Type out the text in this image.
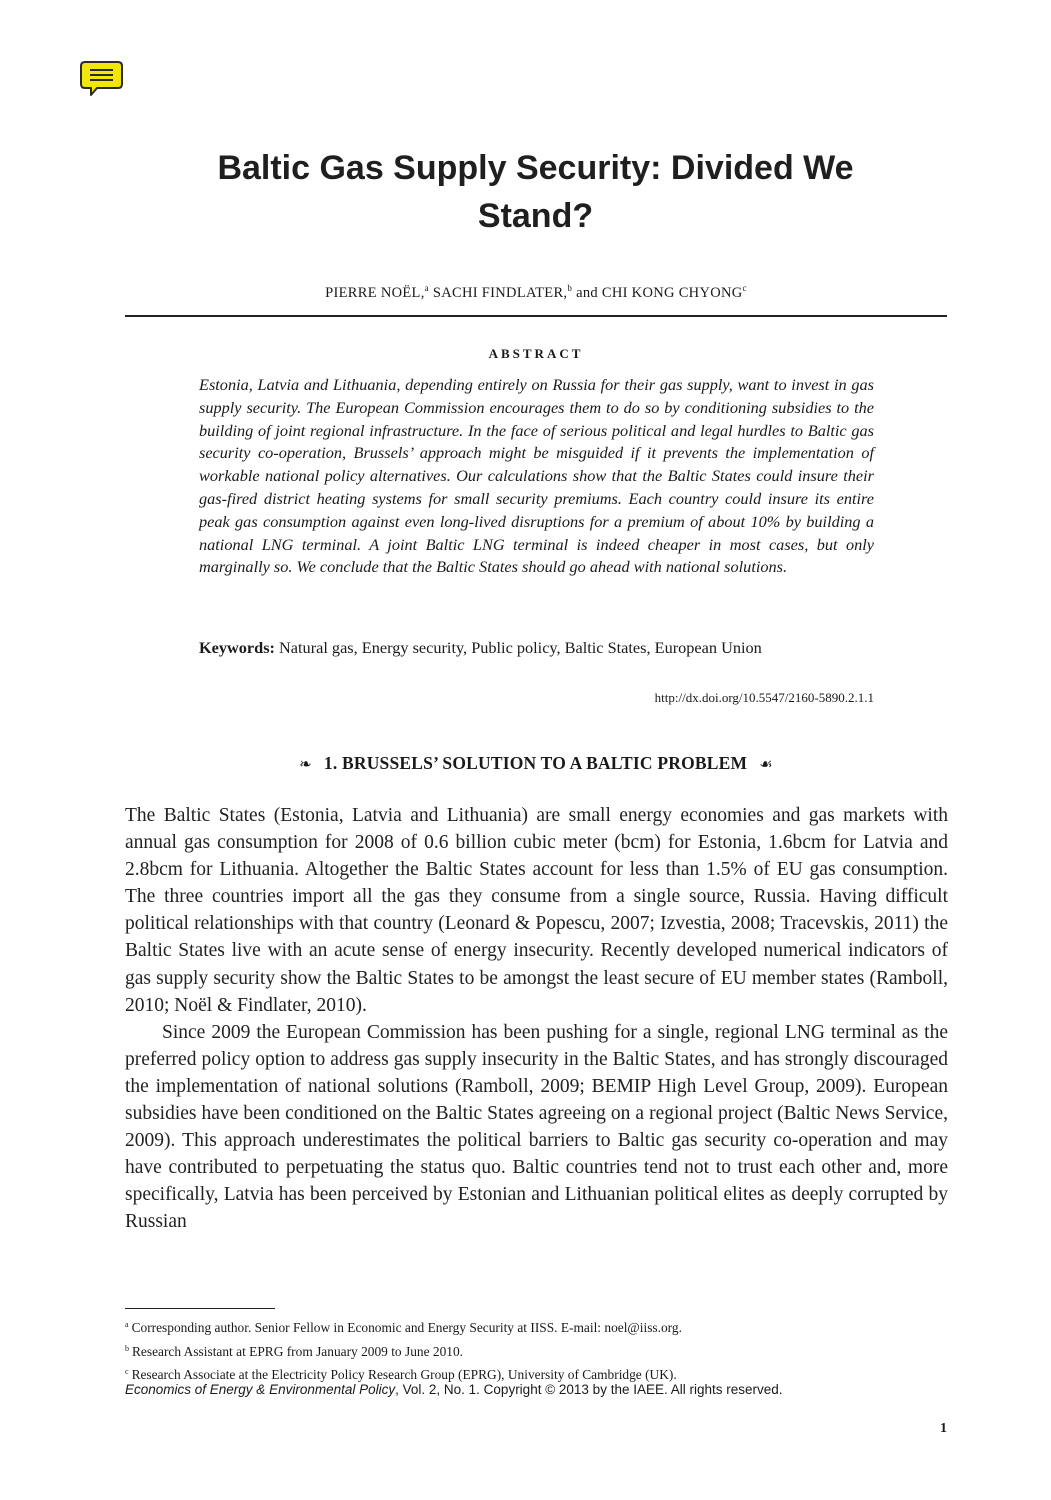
Baltic Gas Supply Security: Divided We Stand?
PIERRE NOËL,$^a$ SACHI FINDLATER,$^b$ and CHI KONG CHYONG$^c$
ABSTRACT

Estonia, Latvia and Lithuania, depending entirely on Russia for their gas supply, want to invest in gas supply security. The European Commission encourages them to do so by conditioning subsidies to the building of joint regional infrastructure. In the face of serious political and legal hurdles to Baltic gas security co-operation, Brussels’ approach might be misguided if it prevents the implementation of workable national policy alternatives. Our calculations show that the Baltic States could insure their gas-fired district heating systems for small security premiums. Each country could insure its entire peak gas consumption against even long-lived disruptions for a premium of about 10% by building a national LNG terminal. A joint Baltic LNG terminal is indeed cheaper in most cases, but only marginally so. We conclude that the Baltic States should go ahead with national solutions.

Keywords: Natural gas, Energy security, Public policy, Baltic States, European Union

http://dx.doi.org/10.5547/2160-5890.2.1.1
❧ 1. BRUSSELS’ SOLUTION TO A BALTIC PROBLEM ☙

The Baltic States (Estonia, Latvia and Lithuania) are small energy economies and gas markets with annual gas consumption for 2008 of 0.6 billion cubic meter (bcm) for Estonia, 1.6bcm for Latvia and 2.8bcm for Lithuania. Altogether the Baltic States account for less than 1.5% of EU gas consumption. The three countries import all the gas they consume from a single source, Russia. Having difficult political relationships with that country (Leonard & Popescu, 2007; Izvestia, 2008; Tracevskis, 2011) the Baltic States live with an acute sense of energy insecurity. Recently developed numerical indicators of gas supply security show the Baltic States to be amongst the least secure of EU member states (Ramboll, 2010; Noël & Findlater, 2010).

Since 2009 the European Commission has been pushing for a single, regional LNG terminal as the preferred policy option to address gas supply insecurity in the Baltic States, and has strongly discouraged the implementation of national solutions (Ramboll, 2009; BEMIP High Level Group, 2009). European subsidies have been conditioned on the Baltic States agreeing on a regional project (Baltic News Service, 2009). This approach underestimates the political barriers to Baltic gas security co-operation and may have contributed to perpetuating the status quo. Baltic countries tend not to trust each other and, more specifically, Latvia has been perceived by Estonian and Lithuanian political elites as deeply corrupted by Russian

$^a$ Corresponding author. Senior Fellow in Economic and Energy Security at IISS. E-mail: noel@iiss.org.
$^b$ Research Assistant at EPRG from January 2009 to June 2010.
$^c$ Research Associate at the Electricity Policy Research Group (EPRG), University of Cambridge (UK).
Economics of Energy & Environmental Policy, Vol. 2, No. 1. Copyright © 2013 by the IAEE. All rights reserved.
1
